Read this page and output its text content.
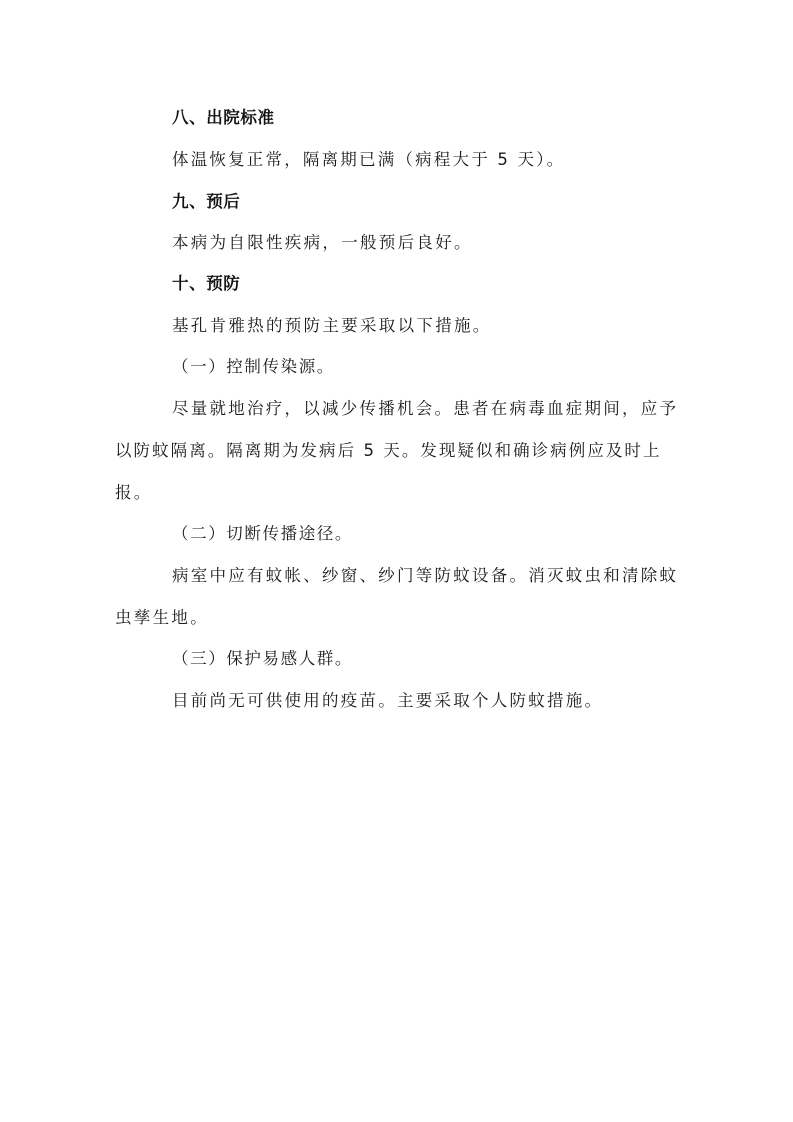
八、出院标准
体温恢复正常，隔离期已满（病程大于 5 天）。
九、预后
本病为自限性疾病，一般预后良好。
十、预防
基孔肯雅热的预防主要采取以下措施。
（一）控制传染源。
尽量就地治疗，以减少传播机会。患者在病毒血症期间，应予
以防蚊隔离。隔离期为发病后 5 天。发现疑似和确诊病例应及时上
报。
（二）切断传播途径。
病室中应有蚊帐、纱窗、纱门等防蚊设备。消灭蚊虫和清除蚊
虫孳生地。
（三）保护易感人群。
目前尚无可供使用的疫苗。主要采取个人防蚊措施。
